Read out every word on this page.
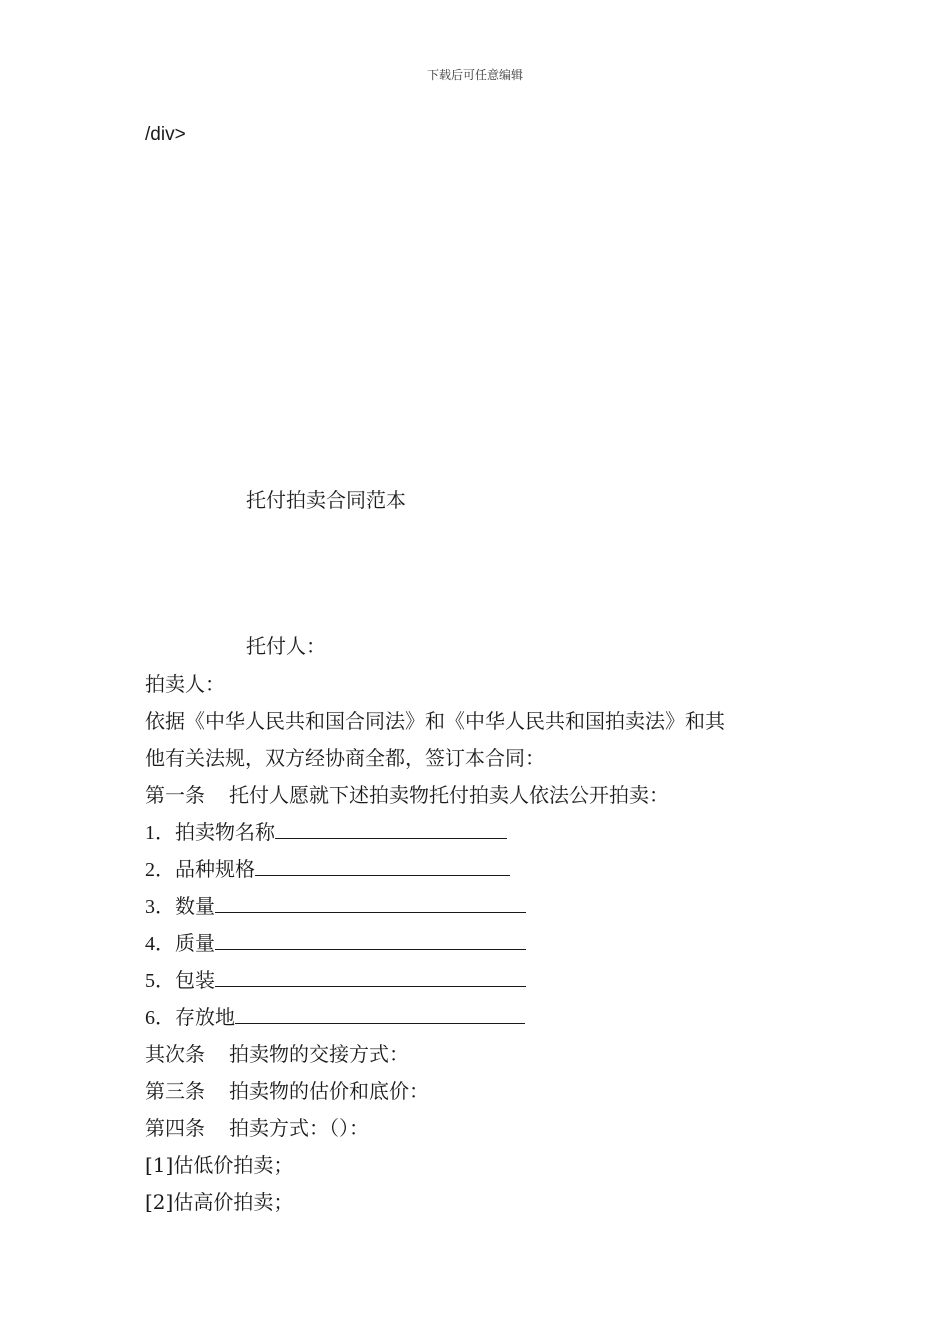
下载后可任意编辑
/div>
托付拍卖合同范本
托付人：
拍卖人：
依据《中华人民共和国合同法》和《中华人民共和国拍卖法》和其
他有关法规，双方经协商全都，签订本合同：
第一条 托付人愿就下述拍卖物托付拍卖人依法公开拍卖：
1．拍卖物名称
2．品种规格
3．数量
4．质量
5．包装
6．存放地
其次条 拍卖物的交接方式：
第三条 拍卖物的估价和底价：
第四条 拍卖方式：（）：
[1]估低价拍卖；
[2]估高价拍卖；
